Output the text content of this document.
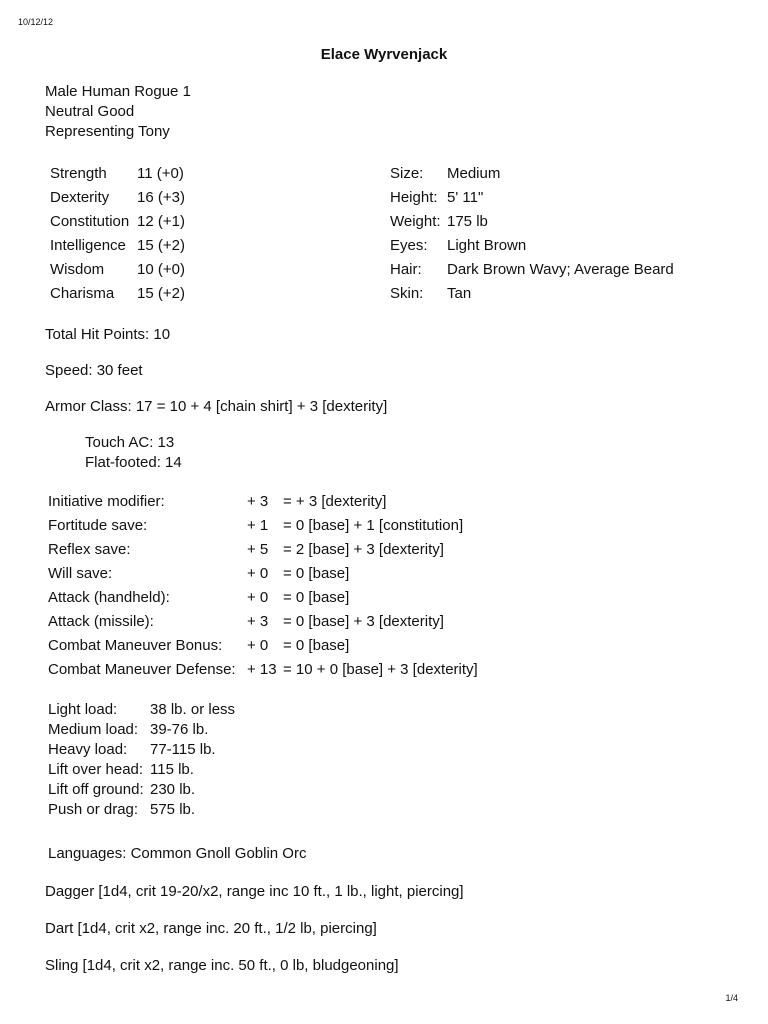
10/12/12
Elace Wyrvenjack
Male Human Rogue 1
Neutral Good
Representing Tony
Strength 11 (+0)
Dexterity 16 (+3)
Constitution 12 (+1)
Intelligence 15 (+2)
Wisdom 10 (+0)
Charisma 15 (+2)
Size: Medium
Height: 5' 11"
Weight: 175 lb
Eyes: Light Brown
Hair: Dark Brown Wavy; Average Beard
Skin: Tan
Total Hit Points: 10
Speed: 30 feet
Armor Class: 17 = 10 + 4 [chain shirt] + 3 [dexterity]
Touch AC: 13
Flat-footed: 14
Initiative modifier:	+ 3 = + 3 [dexterity]
Fortitude save:	+ 1 = 0 [base] + 1 [constitution]
Reflex save:	+ 5 = 2 [base] + 3 [dexterity]
Will save:	+ 0 = 0 [base]
Attack (handheld):	+ 0 = 0 [base]
Attack (missile):	+ 3 = 0 [base] + 3 [dexterity]
Combat Maneuver Bonus: + 0 = 0 [base]
Combat Maneuver Defense: + 13 = 10 + 0 [base] + 3 [dexterity]
Light load: 38 lb. or less
Medium load: 39-76 lb.
Heavy load: 77-115 lb.
Lift over head: 115 lb.
Lift off ground: 230 lb.
Push or drag: 575 lb.
Languages: Common Gnoll Goblin Orc
Dagger [1d4, crit 19-20/x2, range inc 10 ft., 1 lb., light, piercing]
Dart [1d4, crit x2, range inc. 20 ft., 1/2 lb, piercing]
Sling [1d4, crit x2, range inc. 50 ft., 0 lb, bludgeoning]
1/4
